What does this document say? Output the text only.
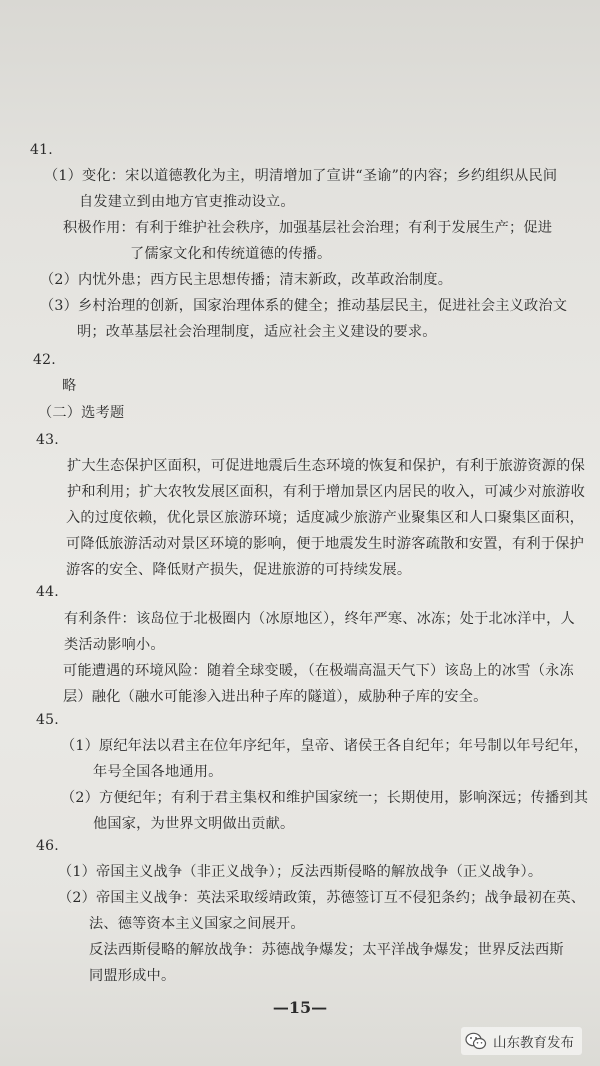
41.
（1）变化：宋以道德教化为主，明清增加了宣讲“圣谕”的内容；乡约组织从民间
自发建立到由地方官吏推动设立。
积极作用：有利于维护社会秩序，加强基层社会治理；有利于发展生产；促进
了儒家文化和传统道德的传播。
（2）内忧外患；西方民主思想传播；清末新政，改革政治制度。
（3）乡村治理的创新，国家治理体系的健全；推动基层民主，促进社会主义政治文
明；改革基层社会治理制度，适应社会主义建设的要求。
42.
略
（二）选考题
43.
扩大生态保护区面积，可促进地震后生态环境的恢复和保护，有利于旅游资源的保
护和利用；扩大农牧发展区面积，有利于增加景区内居民的收入，可减少对旅游收
入的过度依赖，优化景区旅游环境；适度减少旅游产业聚集区和人口聚集区面积，
可降低旅游活动对景区环境的影响，便于地震发生时游客疏散和安置，有利于保护
游客的安全、降低财产损失，促进旅游的可持续发展。
44.
有利条件：该岛位于北极圈内（冰原地区），终年严寒、冰冻；处于北冰洋中，人
类活动影响小。
可能遭遇的环境风险：随着全球变暖，（在极端高温天气下）该岛上的冰雪（永冻
层）融化（融水可能渗入进出种子库的隧道），威胁种子库的安全。
45.
（1）原纪年法以君主在位年序纪年，皇帝、诸侯王各自纪年；年号制以年号纪年，
年号全国各地通用。
（2）方便纪年；有利于君主集权和维护国家统一；长期使用，影响深远；传播到其
他国家，为世界文明做出贡献。
46.
（1）帝国主义战争（非正义战争）；反法西斯侵略的解放战争（正义战争）。
（2）帝国主义战争：英法采取绥靖政策，苏德签订互不侵犯条约；战争最初在英、
法、德等资本主义国家之间展开。
反法西斯侵略的解放战争：苏德战争爆发；太平洋战争爆发；世界反法西斯
同盟形成中。
—15—
山东教育发布
